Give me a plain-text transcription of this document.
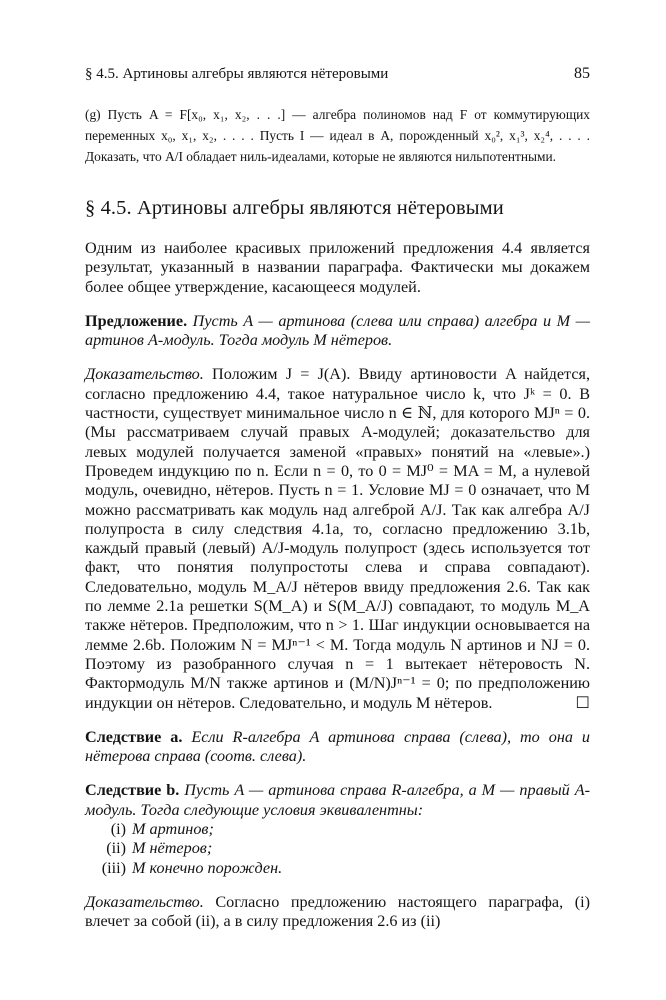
§ 4.5. Артиновы алгебры являются нётеровыми	85

(g) Пусть A = F[x₀, x₁, x₂, . . .] — алгебра полиномов над F от коммутирующих переменных x₀, x₁, x₂, . . . . Пусть I — идеал в A, порожденный x₀², x₁³, x₂⁴, . . . . Доказать, что A/I обладает ниль-идеалами, которые не являются нильпотентными.

§ 4.5. Артиновы алгебры являются нётеровыми

Одним из наиболее красивых приложений предложения 4.4 является результат, указанный в названии параграфа. Фактически мы докажем более общее утверждение, касающееся модулей.

Предложение. Пусть A — артинова (слева или справа) алгебра и M — артинов A-модуль. Тогда модуль M нётеров.

Доказательство. Положим J = J(A). Ввиду артиновости A найдется, согласно предложению 4.4, такое натуральное число k, что Jᵏ = 0. В частности, существует минимальное число n ∈ ℕ, для которого MJⁿ = 0. (Мы рассматриваем случай правых A-модулей; доказательство для левых модулей получается заменой «правых» понятий на «левые».) Проведем индукцию по n. Если n = 0, то 0 = MJ⁰ = MA = M, а нулевой модуль, очевидно, нётеров. Пусть n = 1. Условие MJ = 0 означает, что M можно рассматривать как модуль над алгеброй A/J. Так как алгебра A/J полупроста в силу следствия 4.1a, то, согласно предложению 3.1b, каждый правый (левый) A/J-модуль полупрост (здесь используется тот факт, что понятия полупростоты слева и справа совпадают). Следовательно, модуль M_A/J нётеров ввиду предложения 2.6. Так как по лемме 2.1a решетки S(M_A) и S(M_A/J) совпадают, то модуль M_A также нётеров. Предположим, что n > 1. Шаг индукции основывается на лемме 2.6b. Положим N = MJⁿ⁻¹ < M. Тогда модуль N артинов и NJ = 0. Поэтому из разобранного случая n = 1 вытекает нётеровость N. Фактормодуль M/N также артинов и (M/N)Jⁿ⁻¹ = 0; по предположению индукции он нётеров. Следовательно, и модуль M нётеров.	☐

Следствие a. Если R-алгебра A артинова справа (слева), то она и нётерова справа (соотв. слева).

Следствие b. Пусть A — артинова справа R-алгебра, а M — правый A-модуль. Тогда следующие условия эквивалентны:

(i) M артинов;
(ii) M нётеров;
(iii) M конечно порожден.

Доказательство. Согласно предложению настоящего параграфа, (i) влечет за собой (ii), а в силу предложения 2.6 из (ii)
